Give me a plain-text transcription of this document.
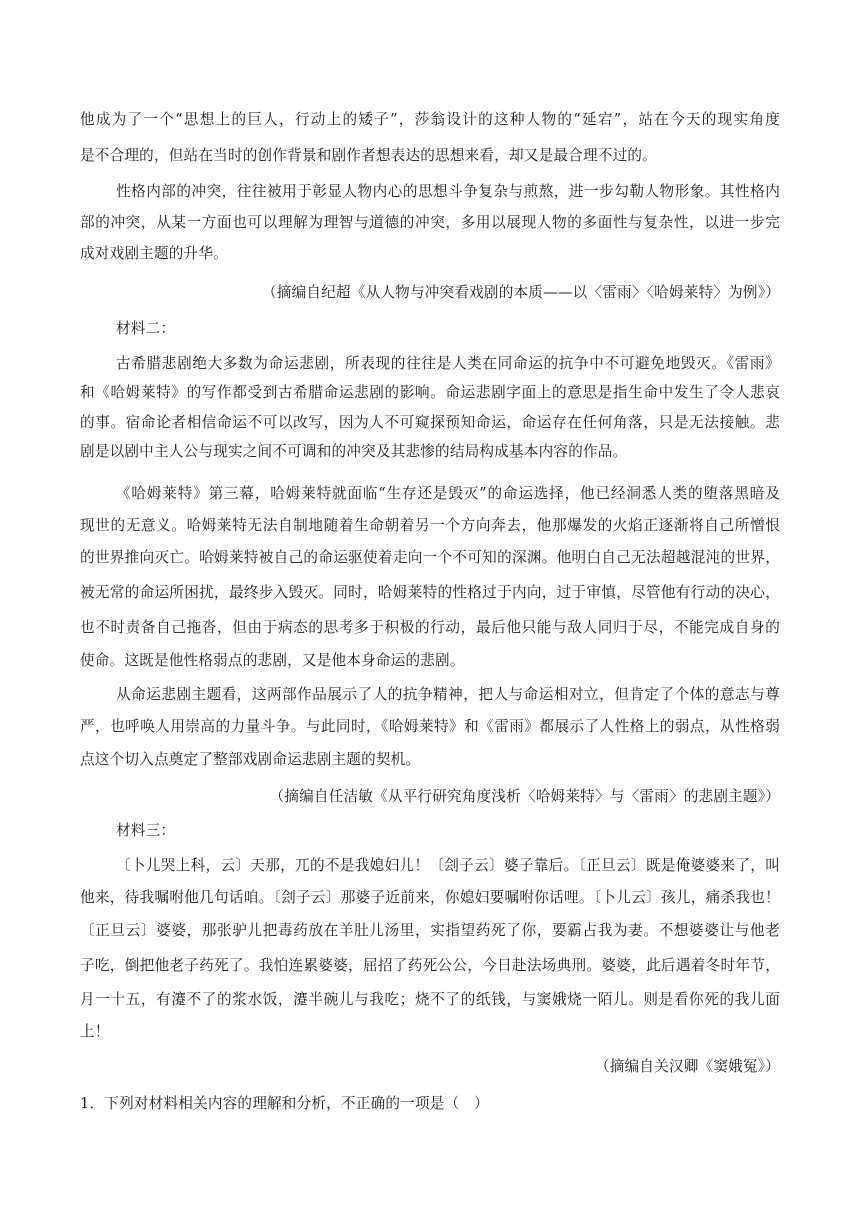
他成为了一个“思想上的巨人，行动上的矮子”，莎翁设计的这种人物的“延宕”，站在今天的现实角度
是不合理的，但站在当时的创作背景和剧作者想表达的思想来看，却又是最合理不过的。
性格内部的冲突，往往被用于彰显人物内心的思想斗争复杂与煎熬，进一步勾勒人物形象。其性格内
部的冲突，从某一方面也可以理解为理智与道德的冲突，多用以展现人物的多面性与复杂性，以进一步完
成对戏剧主题的升华。
（摘编自纪超《从人物与冲突看戏剧的本质——以〈雷雨〉〈哈姆莱特〉为例》）
材料二：
古希腊悲剧绝大多数为命运悲剧，所表现的往往是人类在同命运的抗争中不可避免地毁灭。《雷雨》
和《哈姆莱特》的写作都受到古希腊命运悲剧的影响。命运悲剧字面上的意思是指生命中发生了令人悲哀
的事。宿命论者相信命运不可以改写，因为人不可窥探预知命运，命运存在任何角落，只是无法接触。悲
剧是以剧中主人公与现实之间不可调和的冲突及其悲惨的结局构成基本内容的作品。
《哈姆莱特》第三幕，哈姆莱特就面临“生存还是毁灭”的命运选择，他已经洞悉人类的堕落黑暗及
现世的无意义。哈姆莱特无法自制地随着生命朝着另一个方向奔去，他那爆发的火焰正逐渐将自己所憎恨
的世界推向灭亡。哈姆莱特被自己的命运驱使着走向一个不可知的深渊。他明白自己无法超越混沌的世界，
被无常的命运所困扰，最终步入毁灭。同时，哈姆莱特的性格过于内向，过于审慎，尽管他有行动的决心，
也不时责备自己拖沓，但由于病态的思考多于积极的行动，最后他只能与敌人同归于尽，不能完成自身的
使命。这既是他性格弱点的悲剧，又是他本身命运的悲剧。
从命运悲剧主题看，这两部作品展示了人的抗争精神，把人与命运相对立，但肯定了个体的意志与尊
严，也呼唤人用崇高的力量斗争。与此同时，《哈姆莱特》和《雷雨》都展示了人性格上的弱点，从性格弱
点这个切入点奠定了整部戏剧命运悲剧主题的契机。
（摘编自任洁敏《从平行研究角度浅析〈哈姆莱特〉与〈雷雨〉的悲剧主题》）
材料三：
〔卜儿哭上科，云〕天那，兀的不是我媳妇儿！〔刽子云〕婆子靠后。〔正旦云〕既是俺婆婆来了，叫
他来，待我嘱咐他几句话咱。〔刽子云〕那婆子近前来，你媳妇要嘱咐你话哩。〔卜儿云〕孩儿，痛杀我也！
〔正旦云〕婆婆，那张驴儿把毒药放在羊肚儿汤里，实指望药死了你，要霸占我为妻。不想婆婆让与他老
子吃，倒把他老子药死了。我怕连累婆婆，屈招了药死公公，今日赴法场典刑。婆婆，此后遇着冬时年节，
月一十五，有瀽不了的浆水饭，瀽半碗儿与我吃；烧不了的纸钱，与窦娥烧一陌儿。则是看你死的我儿面
上！
（摘编自关汉卿《窦娥冤》）
1．下列对材料相关内容的理解和分析，不正确的一项是（　）
